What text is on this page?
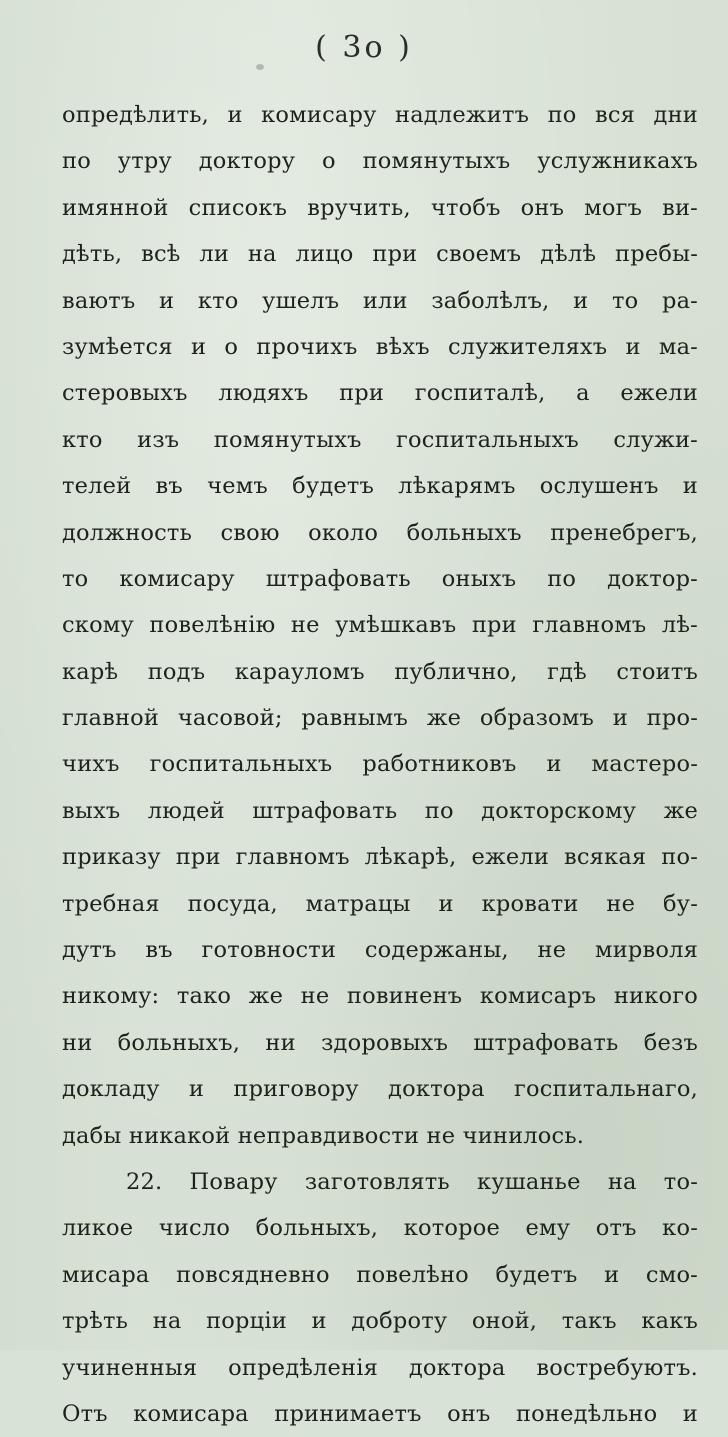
( 3o )
опредѣлить, и комисару надлежитъ по вся дни
по утру доктору о помянутыхъ услужникахъ
имянной списокъ вручить, чтобъ онъ могъ ви-
дѣть, всѣ ли на лицо при своемъ дѣлѣ пребы-
ваютъ и кто ушелъ или заболѣлъ, и то ра-
зумѣется и о прочихъ вѣхъ служителяхъ и ма-
стеровыхъ людяхъ при госпиталѣ, а ежели
кто изъ помянутыхъ госпитальныхъ служи-
телей въ чемъ будетъ лѣкарямъ ослушенъ и
должность свою около больныхъ пренебрегъ,
то комисару штрафовать оныхъ по доктор-
скому повелѣнію не умѣшкавъ при главномъ лѣ-
карѣ подъ карауломъ публично, гдѣ стоитъ
главной часовой; равнымъ же образомъ и про-
чихъ госпитальныхъ работниковъ и мастеро-
выхъ людей штрафовать по докторскому же
приказу при главномъ лѣкарѣ, ежели всякая по-
требная посуда, матрацы и кровати не бу-
дутъ въ готовности содержаны, не мирволя
никому: тако же не повиненъ комисаръ никого
ни больныхъ, ни здоровыхъ штрафовать безъ
докладу и приговору доктора госпитальнаго,
дабы никакой неправдивости не чинилось.
22. Повару заготовлять кушанье на то-
ликое число больныхъ, которое ему отъ ко-
мисара повсядневно повелѣно будетъ и смо-
трѣть на порціи и доброту оной, такъ какъ
учиненныя опредѣленія доктора востребуютъ.
Отъ комисара принимаетъ онъ понедѣльно и
